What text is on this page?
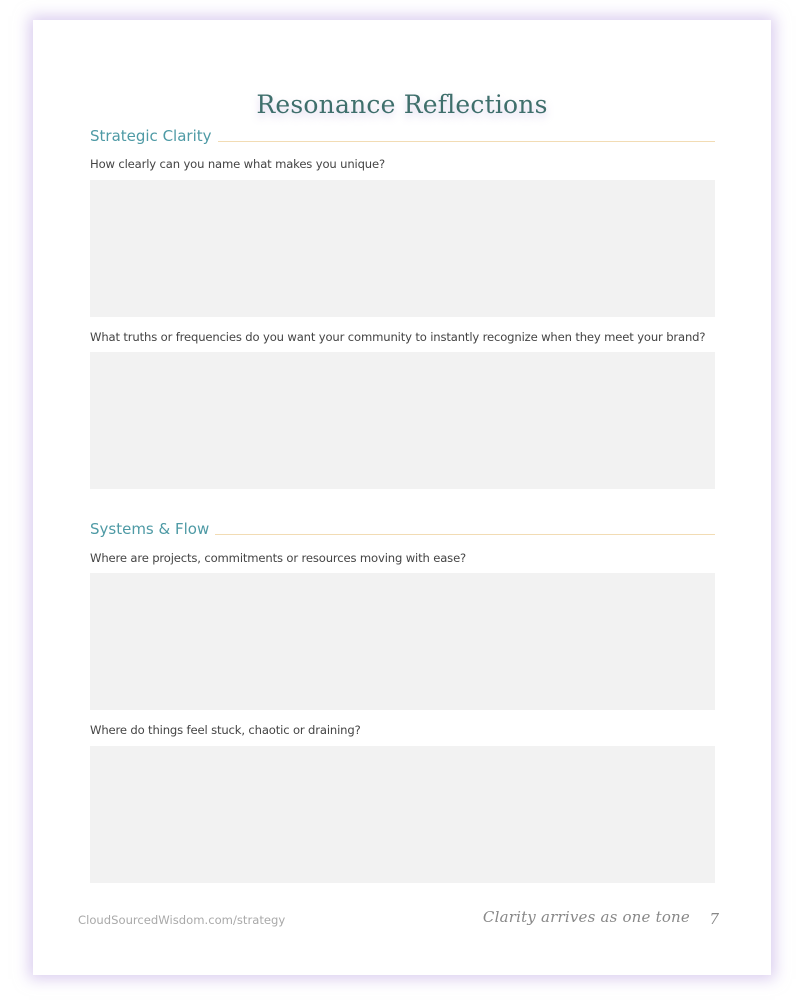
Resonance Reflections
Strategic Clarity
How clearly can you name what makes you unique?
What truths or frequencies do you want your community to instantly recognize when they meet your brand?
Systems & Flow
Where are projects, commitments or resources moving with ease?
Where do things feel stuck, chaotic or draining?
CloudSourcedWisdom.com/strategy	Clarity arrives as one tone 7
